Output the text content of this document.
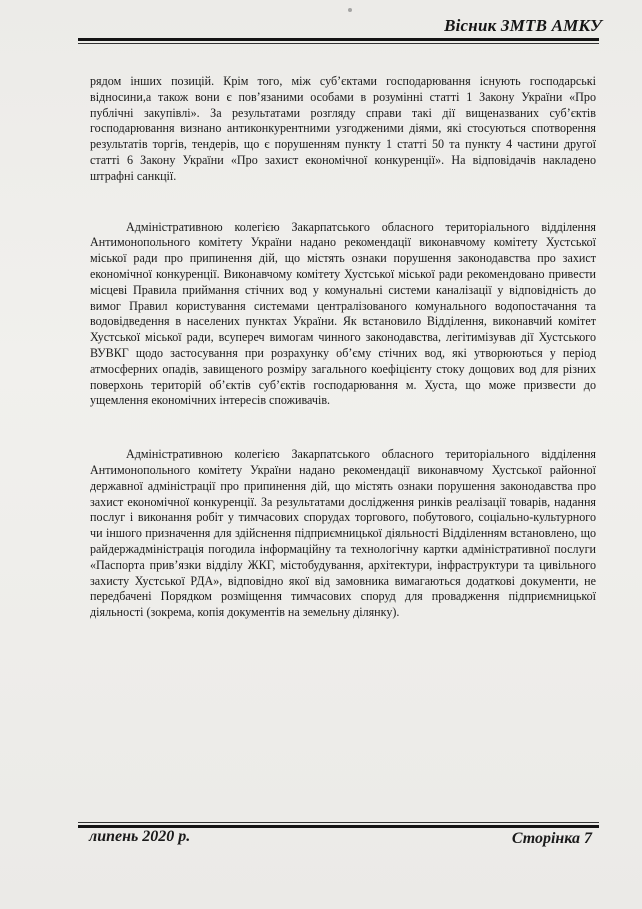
Вісник ЗМТВ АМКУ

рядом інших позицій. Крім того, між суб’єктами господарювання існують господарські відносини,а також вони є пов’язаними особами в розумінні статті 1 Закону України «Про публічні закупівлі». За результатами розгляду справи такі дії вищеназваних суб’єктів господарювання визнано антиконкурентними узгодженими діями, які стосуються спотворення результатів торгів, тендерів, що є порушенням пункту 1 статті 50 та пункту 4 частини другої статті 6 Закону України «Про захист економічної конкуренції». На відповідачів накладено штрафні санкції.

Адміністративною колегією Закарпатського обласного територіального відділення Антимонопольного комітету України надано рекомендації виконавчому комітету Хустської міської ради про припинення дій, що містять ознаки порушення законодавства про захист економічної конкуренції. Виконавчому комітету Хустської міської ради рекомендовано привести місцеві Правила приймання стічних вод у комунальні системи каналізації у відповідність до вимог Правил користування системами централізованого комунального водопостачання та водовідведення в населених пунктах України. Як встановило Відділення, виконавчий комітет Хустської міської ради, всупереч вимогам чинного законодавства, легітимізував дії Хустського ВУВКГ щодо застосування при розрахунку об’єму стічних вод, які утворюються у період атмосферних опадів, завищеного розміру загального коефіцієнту стоку дощових вод для різних поверхонь територій об’єктів суб’єктів господарювання м. Хуста, що може призвести до ущемлення економічних інтересів споживачів.

Адміністративною колегією Закарпатського обласного територіального відділення Антимонопольного комітету України надано рекомендації виконавчому Хустської районної державної адміністрації про припинення дій, що містять ознаки порушення законодавства про захист економічної конкуренції. За результатами дослідження ринків реалізації товарів, надання послуг і виконання робіт у тимчасових спорудах торгового, побутового, соціально-культурного чи іншого призначення для здійснення підприємницької діяльності Відділенням встановлено, що райдержадміністрація погодила інформаційну та технологічну картки адміністративної послуги «Паспорта прив’язки відділу ЖКГ, містобудування, архітектури, інфраструктури та цивільного захисту Хустської РДА», відповідно якої від замовника вимагаються додаткові документи, не передбачені Порядком розміщення тимчасових споруд для провадження підприємницької діяльності (зокрема, копія документів на земельну ділянку).

липень 2020 р.	Сторінка 7
